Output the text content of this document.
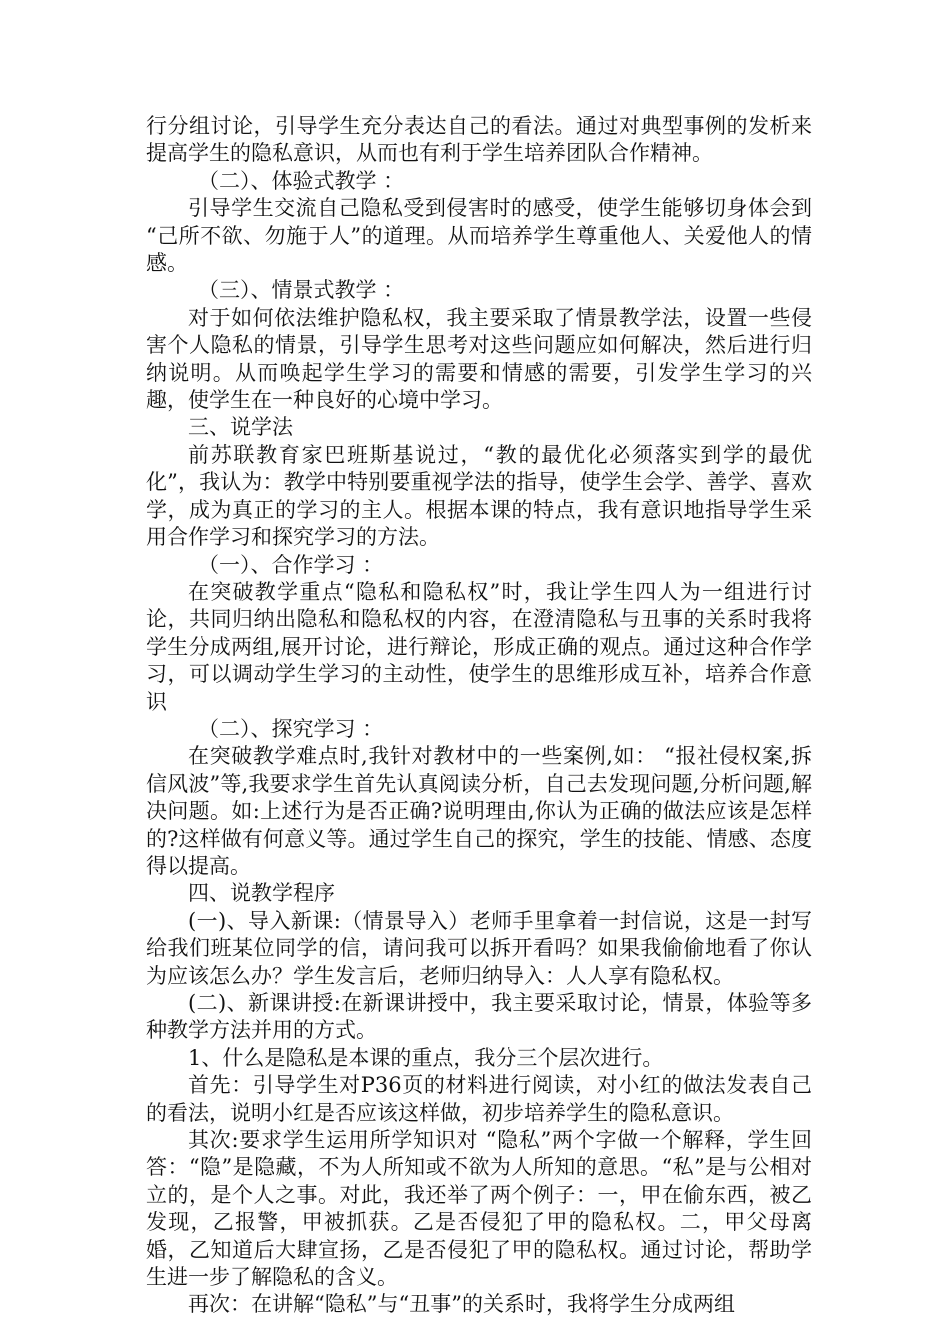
行分组讨论，引导学生充分表达自己的看法。通过对典型事例的发析来提高学生的隐私意识，从而也有利于学生培养团队合作精神。

（二）、体验式教学 ：

引导学生交流自己隐私受到侵害时的感受，使学生能够切身体会到 “己所不欲、勿施于人”的道理。从而培养学生尊重他人、关爱他人的情感。

（三）、情景式教学 ：

对于如何依法维护隐私权，我主要采取了情景教学法，设置一些侵害个人隐私的情景，引导学生思考对这些问题应如何解决，然后进行归纳说明。从而唤起学生学习的需要和情感的需要，引发学生学习的兴趣，使学生在一种良好的心境中学习。

三、说学法

前苏联教育家巴班斯基说过，“教的最优化必须落实到学的最优化”，我认为：教学中特别要重视学法的指导，使学生会学、善学、喜欢学，成为真正的学习的主人。根据本课的特点，我有意识地指导学生采用合作学习和探究学习的方法。

（一）、合作学习 ：

在突破教学重点“隐私和隐私权”时，我让学生四人为一组进行讨论，共同归纳出隐私和隐私权的内容，在澄清隐私与丑事的关系时我将学生分成两组,展开讨论，进行辩论，形成正确的观点。通过这种合作学习，可以调动学生学习的主动性，使学生的思维形成互补，培养合作意识

（二）、探究学习 ：

在突破教学难点时,我针对教材中的一些案例,如： “报社侵权案,拆信风波”等,我要求学生首先认真阅读分析，自己去发现问题,分析问题,解决问题。如:上述行为是否正确?说明理由,你认为正确的做法应该是怎样的?这样做有何意义等。通过学生自己的探究，学生的技能、情感、态度得以提高。

四、说教学程序

(一)、导入新课:（情景导入）老师手里拿着一封信说，这是一封写给我们班某位同学的信，请问我可以拆开看吗？如果我偷偷地看了你认为应该怎么办？学生发言后，老师归纳导入：人人享有隐私权。

(二)、新课讲授:在新课讲授中，我主要采取讨论，情景，体验等多种教学方法并用的方式。

1、什么是隐私是本课的重点，我分三个层次进行。

首先：引导学生对P36页的材料进行阅读，对小红的做法发表自己的看法，说明小红是否应该这样做，初步培养学生的隐私意识。

其次:要求学生运用所学知识对 “隐私”两个字做一个解释，学生回答：“隐”是隐藏，不为人所知或不欲为人所知的意思。“私”是与公相对立的，是个人之事。对此，我还举了两个例子：一，甲在偷东西，被乙发现，乙报警，甲被抓获。乙是否侵犯了甲的隐私权。二，甲父母离婚，乙知道后大肆宣扬，乙是否侵犯了甲的隐私权。通过讨论，帮助学生进一步了解隐私的含义。

再次：在讲解“隐私”与“丑事”的关系时，我将学生分成两组
